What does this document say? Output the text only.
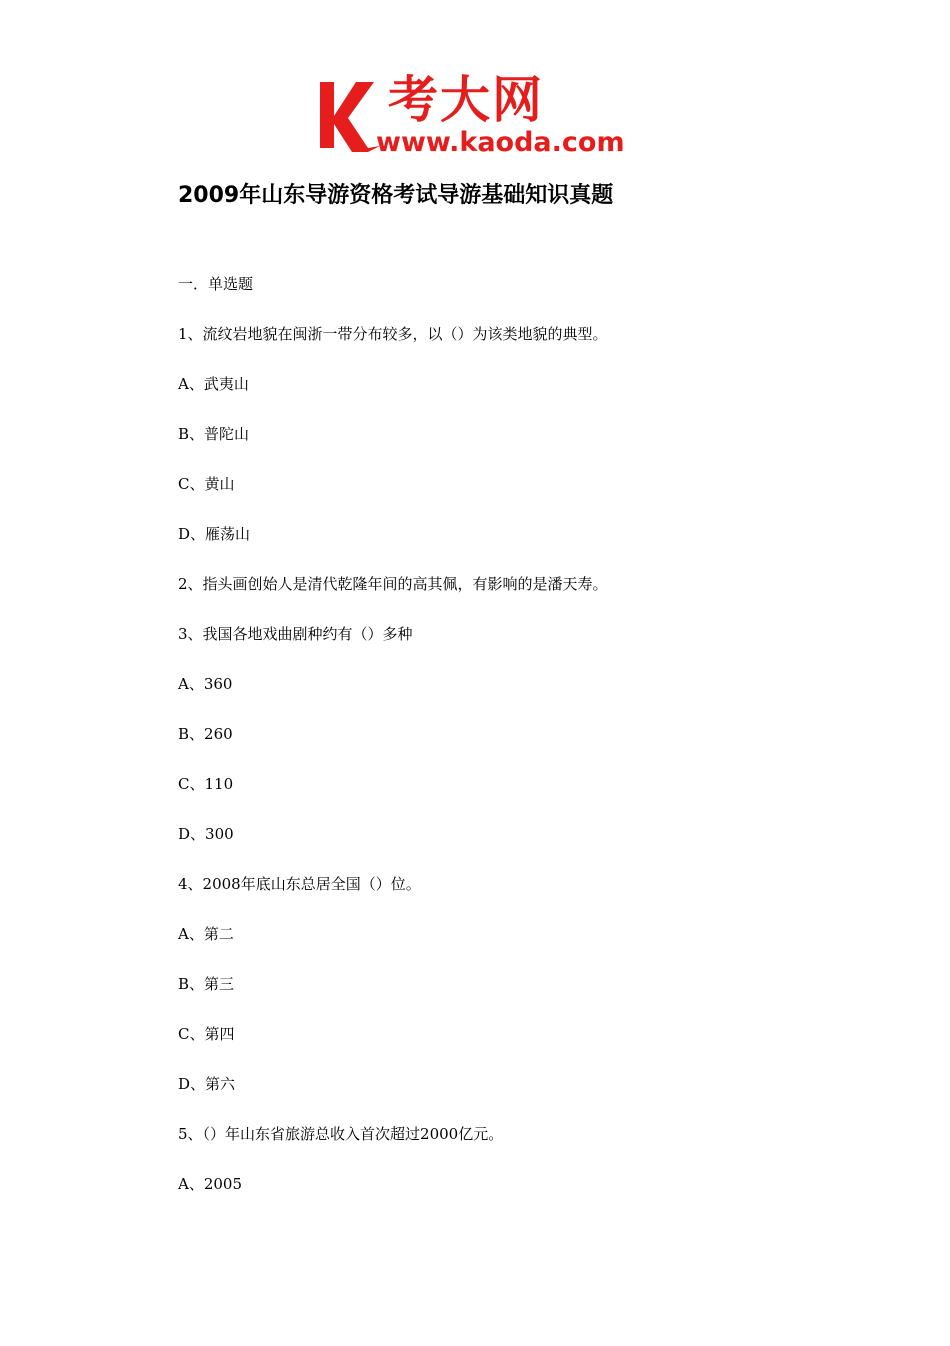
考大网
www.kaoda.com
2009年山东导游资格考试导游基础知识真题
一．单选题
1、流纹岩地貌在闽浙一带分布较多，以（）为该类地貌的典型。
A、武夷山
B、普陀山
C、黄山
D、雁荡山
2、指头画创始人是清代乾隆年间的高其佩，有影响的是潘天寿。
3、我国各地戏曲剧种约有（）多种
A、360
B、260
C、110
D、300
4、2008年底山东总居全国（）位。
A、第二
B、第三
C、第四
D、第六
5、（）年山东省旅游总收入首次超过2000亿元。
A、2005
